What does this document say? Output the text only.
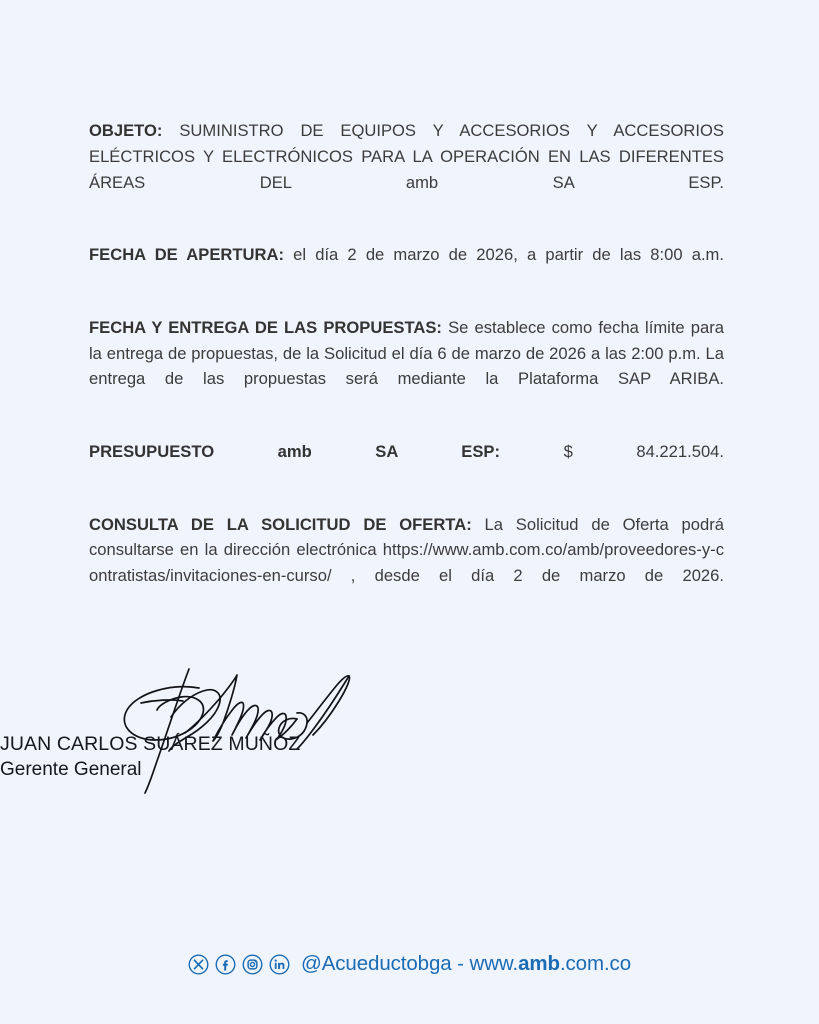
OBJETO: SUMINISTRO DE EQUIPOS Y ACCESORIOS Y ACCESORIOS ELÉCTRICOS Y ELECTRÓNICOS PARA LA OPERACIÓN EN LAS DIFERENTES ÁREAS DEL amb SA ESP.

FECHA DE APERTURA: el día 2 de marzo de 2026, a partir de las 8:00 a.m.

FECHA Y ENTREGA DE LAS PROPUESTAS: Se establece como fecha límite para la entrega de propuestas, de la Solicitud el día 6 de marzo de 2026 a las 2:00 p.m. La entrega de las propuestas será mediante la Plataforma SAP ARIBA.

PRESUPUESTO amb SA ESP: $ 84.221.504.

CONSULTA DE LA SOLICITUD DE OFERTA: La Solicitud de Oferta podrá consultarse en la dirección electrónica https://www.amb.com.co/amb/proveedores-y-contratistas/invitaciones-en-curso/ , desde el día 2 de marzo de 2026.

JUAN CARLOS SUÁREZ MUÑOZ
Gerente General
@Acueductobga - www.amb.com.co
